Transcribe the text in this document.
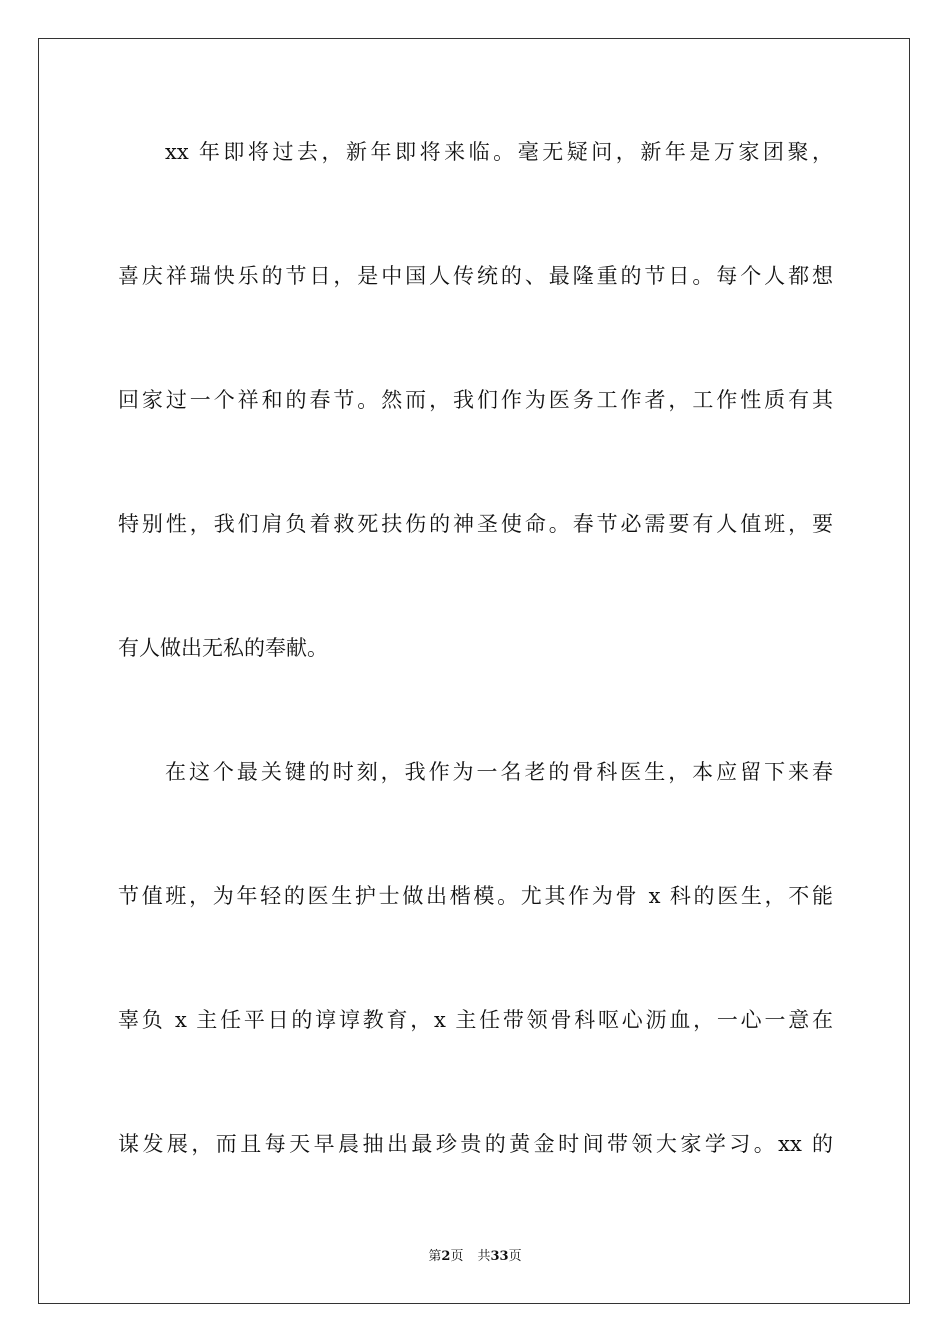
xx 年即将过去，新年即将来临。毫无疑问，新年是万家团聚，
喜庆祥瑞快乐的节日，是中国人传统的、最隆重的节日。每个人都想
回家过一个祥和的春节。然而，我们作为医务工作者，工作性质有其
特别性，我们肩负着救死扶伤的神圣使命。春节必需要有人值班，要
有人做出无私的奉献。
在这个最关键的时刻，我作为一名老的骨科医生，本应留下来春
节值班，为年轻的医生护士做出楷模。尤其作为骨 x 科的医生，不能
辜负 x 主任平日的谆谆教育，x 主任带领骨科呕心沥血，一心一意在
谋发展，而且每天早晨抽出最珍贵的黄金时间带领大家学习。xx 的
第2页 共33页
